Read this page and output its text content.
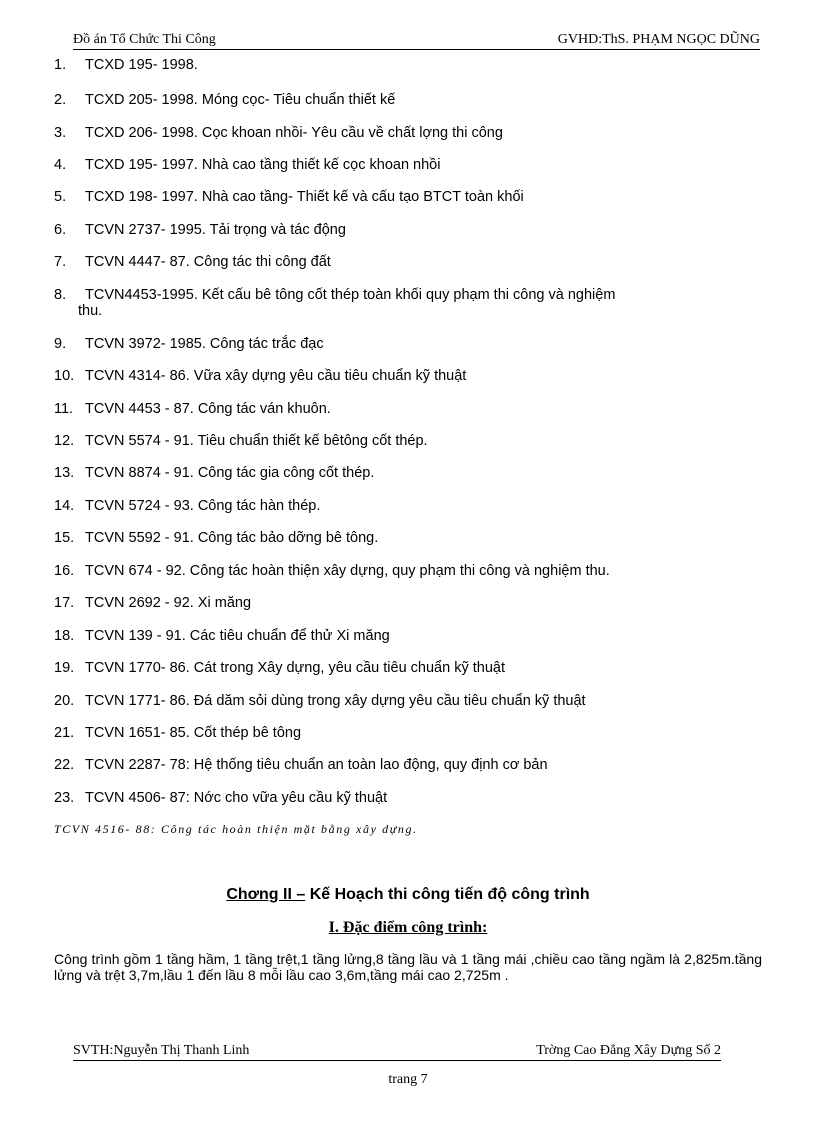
Đồ án Tổ Chức Thi Công	GVHD:ThS. PHẠM NGỌC DŨNG
1. TCXD 195- 1998.
2. TCXD 205- 1998. Móng cọc- Tiêu chuẩn thiết kế
3. TCXD 206- 1998. Cọc khoan nhồi- Yêu cầu về chất lợng thi công
4. TCXD 195- 1997. Nhà cao tầng thiết kế cọc khoan nhồi
5. TCXD 198- 1997. Nhà cao tầng- Thiết kế và cấu tạo BTCT toàn khối
6. TCVN 2737- 1995. Tải trọng và tác động
7. TCVN 4447- 87. Công tác thi công đất
8. TCVN4453-1995. Kết cấu bê tông cốt thép toàn khối quy phạm thi công và nghiệm
thu.
9. TCVN 3972- 1985. Công tác trắc đạc
10. TCVN 4314- 86. Vữa xây dựng yêu cầu tiêu chuẩn kỹ thuật
11. TCVN 4453 - 87. Công tác ván khuôn.
12. TCVN 5574 - 91. Tiêu chuẩn thiết kế bêtông cốt thép.
13. TCVN 8874 - 91. Công tác gia công cốt thép.
14. TCVN 5724 - 93. Công tác hàn thép.
15. TCVN 5592 - 91. Công tác bảo dỡng bê tông.
16. TCVN 674 - 92. Công tác hoàn thiện xây dựng, quy phạm thi công và nghiệm thu.
17. TCVN 2692 - 92. Xi măng
18. TCVN 139 - 91. Các tiêu chuẩn để thử Xi măng
19. TCVN 1770- 86. Cát trong Xây dựng, yêu cầu tiêu chuẩn kỹ thuật
20. TCVN 1771- 86. Đá dăm sỏi dùng trong xây dựng yêu cầu tiêu chuẩn kỹ thuật
21. TCVN 1651- 85. Cốt thép bê tông
22. TCVN 2287- 78: Hệ thống tiêu chuẩn an toàn lao động, quy định cơ bản
23. TCVN 4506- 87: Nớc cho vữa yêu cầu kỹ thuật
TCVN 4516- 88: Công tác hoàn thiện mặt bằng xây dựng.
Chơng II – Kế Hoạch thi công tiến độ công trình
I. Đặc điểm công trình:

Công trình gồm 1 tầng hầm, 1 tầng trệt,1 tầng lửng,8 tầng lầu và 1 tầng mái ,chiều cao tầng ngầm là 2,825m.tầng lửng và trệt 3,7m,lầu 1 đến lầu 8 mỗi lầu cao 3,6m,tầng mái cao 2,725m .

SVTH:Nguyễn Thị Thanh Linh	Trờng Cao Đẳng Xây Dựng Số 2
trang 7
